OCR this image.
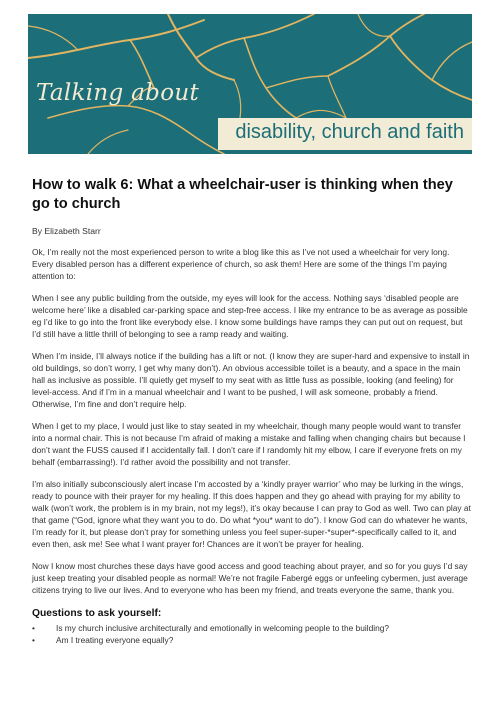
Talking about
disability, church and faith
How to walk 6: What a wheelchair-user is thinking when they go to church
By Elizabeth Starr

Ok, I’m really not the most experienced person to write a blog like this as I’ve not used a wheelchair for very long. Every disabled person has a different experience of church, so ask them! Here are some of the things I’m paying attention to:

When I see any public building from the outside, my eyes will look for the access. Nothing says ‘disabled people are welcome here’ like a disabled car-parking space and step-free access. I like my entrance to be as average as possible eg I’d like to go into the front like everybody else. I know some buildings have ramps they can put out on request, but I’d still have a little thrill of belonging to see a ramp ready and waiting.

When I’m inside, I’ll always notice if the building has a lift or not. (I know they are super-hard and expensive to install in old buildings, so don’t worry, I get why many don’t). An obvious accessible toilet is a beauty, and a space in the main hall as inclusive as possible. I’ll quietly get myself to my seat with as little fuss as possible, looking (and feeling) for level-access. And if I’m in a manual wheelchair and I want to be pushed, I will ask someone, probably a friend. Otherwise, I’m fine and don’t require help.

When I get to my place, I would just like to stay seated in my wheelchair, though many people would want to transfer into a normal chair. This is not because I’m afraid of making a mistake and falling when changing chairs but because I don’t want the FUSS caused if I accidentally fall. I don’t care if I randomly hit my elbow, I care if everyone frets on my behalf (embarrassing!). I’d rather avoid the possibility and not transfer.

I’m also initially subconsciously alert incase I’m accosted by a ‘kindly prayer warrior’ who may be lurking in the wings, ready to pounce with their prayer for my healing. If this does happen and they go ahead with praying for my ability to walk (won’t work, the problem is in my brain, not my legs!), it’s okay because I can pray to God as well. Two can play at that game (“God, ignore what they want you to do. Do what *you* want to do”). I know God can do whatever he wants, I’m ready for it, but please don’t pray for something unless you feel super-super-*super*-specifically called to it, and even then, ask me! See what I want prayer for! Chances are it won’t be prayer for healing.

Now I know most churches these days have good access and good teaching about prayer, and so for you guys I’d say just keep treating your disabled people as normal! We’re not fragile Fabergé eggs or unfeeling cybermen, just average citizens trying to live our lives. And to everyone who has been my friend, and treats everyone the same, thank you.

Questions to ask yourself:
•	Is my church inclusive architecturally and emotionally in welcoming people to the building?
•	Am I treating everyone equally?
